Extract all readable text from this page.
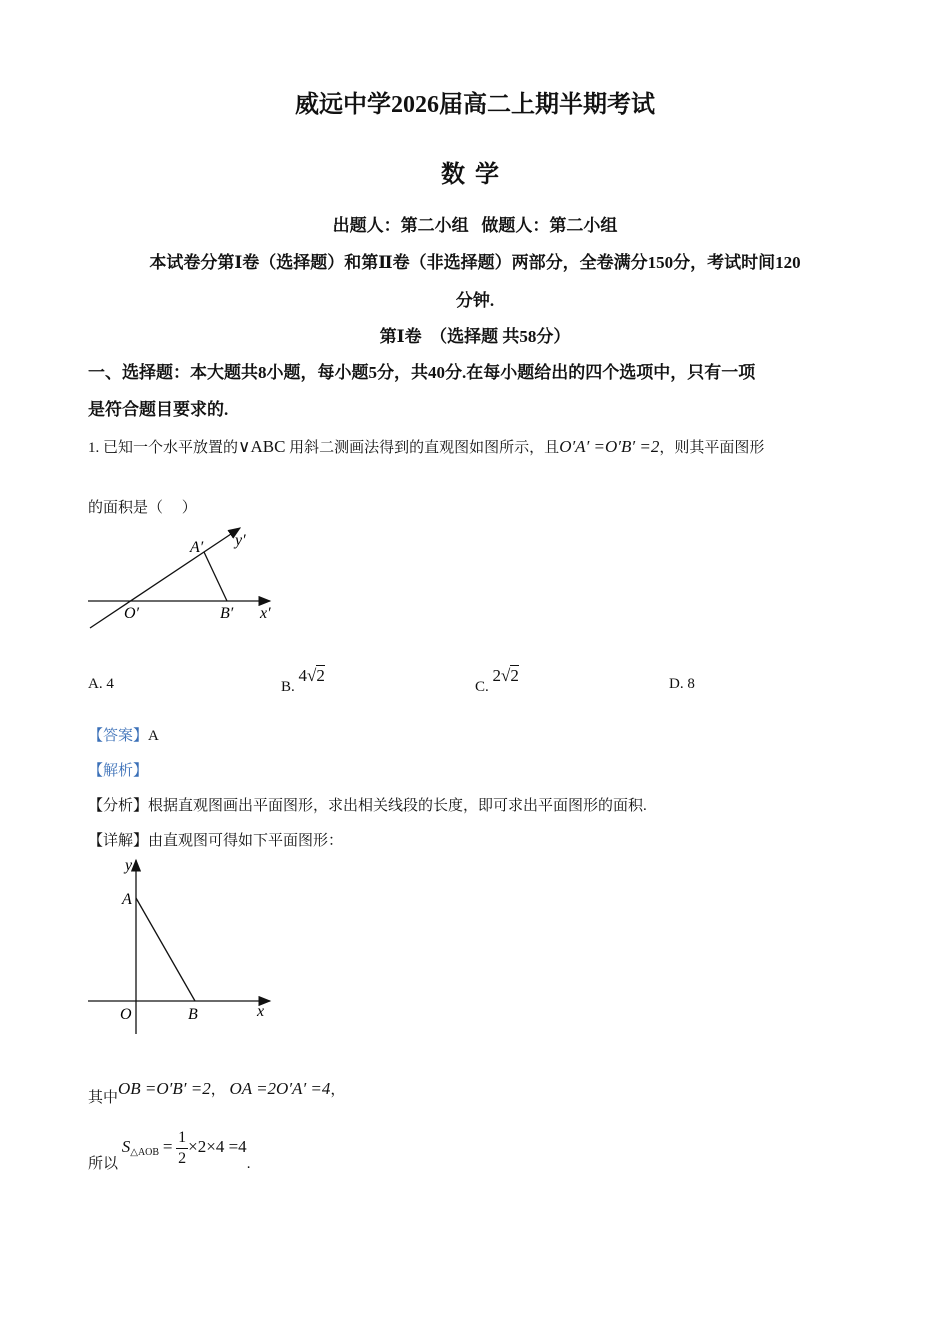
威远中学2026届高二上期半期考试
数学
出题人：第二小组   做题人：第二小组
本试卷分第Ⅰ卷（选择题）和第Ⅱ卷（非选择题）两部分，全卷满分150分，考试时间120
分钟.
第Ⅰ卷  （选择题 共58分）
一、选择题：本大题共8小题，每小题5分，共40分.在每小题给出的四个选项中，只有一项
是符合题目要求的.
1. 已知一个水平放置的∨ABC 用斜二测画法得到的直观图如图所示，且O′A′ =O′B′ =2，则其平面图形
的面积是（     ）
A′ y′
O′	B′ x′
A. 4	B. 4√2
C. 2√2	D. 8
【答案】A
【解析】
【分析】根据直观图画出平面图形，求出相关线段的长度，即可求出平面图形的面积.
【详解】由直观图可得如下平面图形：
y
A
O	B	x
其中OB =O′B′ =2， OA =2O′A′ =4，
所以 S△AOB = $\frac{1}{2} \times 2\times 4 =4$.
